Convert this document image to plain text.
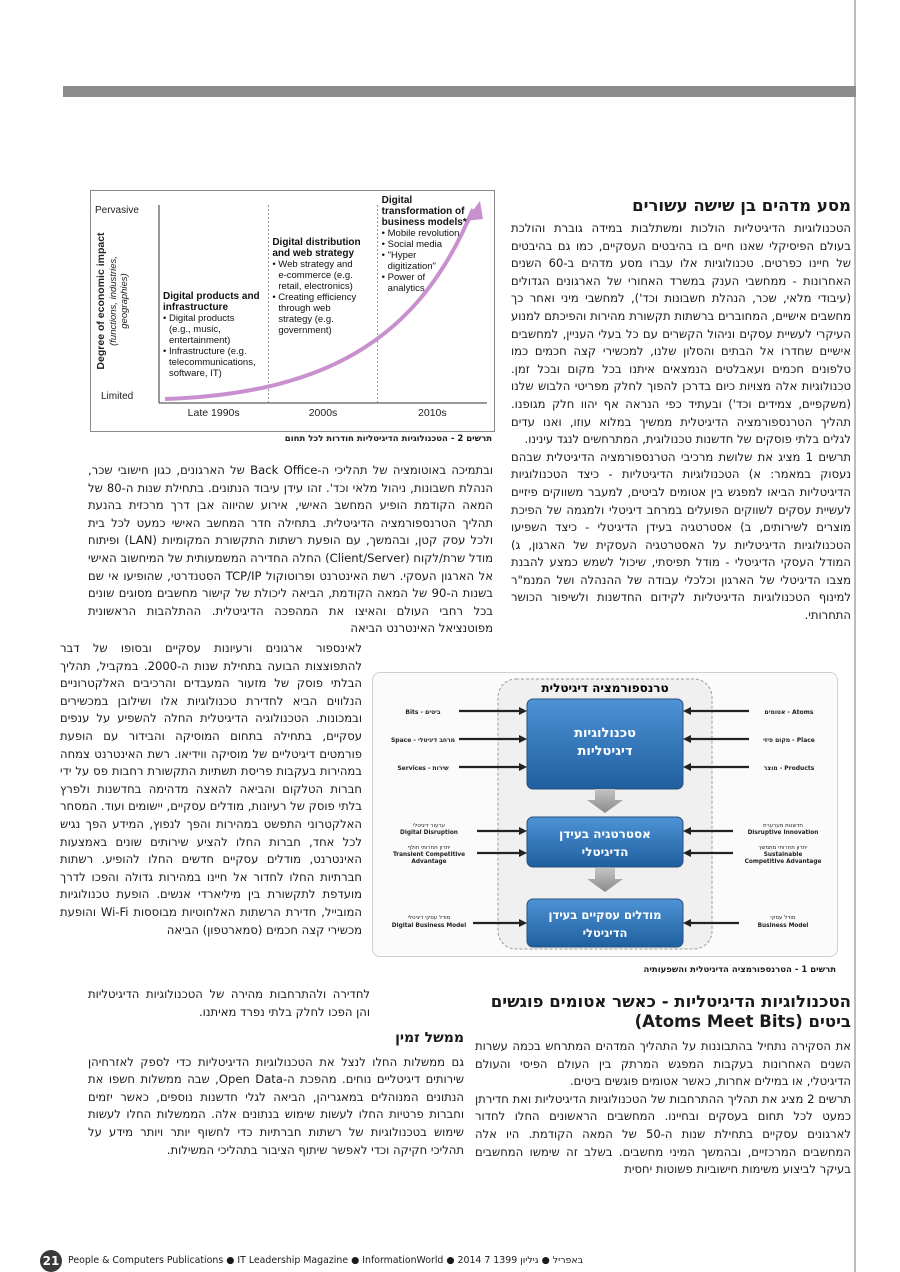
מסע מדהים בן שישה עשורים

הטכנולוגיות הדיגיטליות הולכות ומשתלבות במידה גוברת והולכת בעולם הפיסיקלי שאנו חיים בו בהיבטים העסקיים, כמו גם בהיבטים של חיינו כפרטים. טכנולוגיות אלו עברו מסע מדהים ב-60 השנים האחרונות - ממחשבי הענק במשרד האחורי של הארגונים הגדולים (עיבודי מלאי, שכר, הנהלת חשבונות וכד'), למחשבי מיני ואחר כך מחשבים אישיים, המחוברים ברשתות תקשורת מהירות והפיכתם למנוע העיקרי לעשיית עסקים וניהול הקשרים עם כל בעלי העניין, למחשבים אישיים שחדרו אל הבתים והסלון שלנו, למכשירי קצה חכמים כמו טלפונים חכמים ועאבלטים הנמצאים איתנו בכל מקום ובכל זמן. טכנולוגיות אלה מצויות כיום בדרכן להפוך לחלק מפריטי הלבוש שלנו (משקפיים, צמידים וכד') ובעתיד כפי הנראה אף יהוו חלק מגופנו. תהליך הטרנספורמציה הדיגיטלית ממשיך במלוא עוזו, ואנו עדים לגלים בלתי פוסקים של חדשנות טכנולוגית, המתרחשים לנגד עינינו.

תרשים 1 מציג את שלושת מרכיבי הטרנספורמציה הדיגיטלית שבהם נעסוק במאמר: א) הטכנולוגיות הדיגיטליות - כיצד הטכנולוגיות הדיגיטליות הביאו למפגש בין אטומים לביטים, למעבר משווקים פיזיים לעשיית עסקים לשווקים הפועלים במרחב דיגיטלי ולמגמה של הפיכת מוצרים לשירותים, ב) אסטרטגיה בעידן הדיגיטלי - כיצד השפיעו הטכנולוגיות הדיגיטליות על האסטרטגיה העסקית של הארגון, ג) המודל העסקי הדיגיטלי - מודל תפיסתי, שיכול לשמש כמצע להבנת מצבו הדיגיטלי של הארגון וכלכלי עבודה של ההנהלה ושל המנמ"ר למינוף הטכנולוגיות הדיגיטליות לקידום החדשנות ולשיפור הכושר התחרותי.

Pervasive
Limited
Degree of economic impact (functions, industries, geographies)
Late 1990s	2000s	2010s
Digital products and
infrastructure
• Digital products
(e.g., music,
entertainment)
• Infrastructure (e.g.
telecommunications,
software, IT)
Digital distribution
and web strategy
• Web strategy and
e-commerce (e.g.
retail, electronics)
• Creating efficiency
through web
strategy (e.g.
government)
Digital
transformation of
business models*
• Mobile revolution
• Social media
• "Hyper
digitization"
• Power of
analytics
תרשים 2 - הטכנולוגיות הדיגיטליות חודרות לכל תחום

ובתמיכה באוטומציה של תהליכי ה-Back Office של הארגונים, כגון חישובי שכר, הנהלת חשבונות, ניהול מלאי וכד'. זהו עידן עיבוד הנתונים. בתחילת שנות ה-80 של המאה הקודמת הופיע המחשב האישי, אירוע שהיווה אבן דרך מרכזית בהנעת תהליך הטרנספורמציה הדיגיטלית. בתחילה חדר המחשב האישי כמעט לכל בית ולכל עסק קטן, ובהמשך, עם הופעת רשתות התקשורת המקומיות (LAN) ופיתוח מודל שרת/לקוח (Client/Server) החלה החדירה המשמעותית של המיחשוב האישי אל הארגון העסקי. רשת האינטרנט ופרוטוקול TCP/IP הסטנדרטי, שהופיעו אי שם בשנות ה-90 של המאה הקודמת, הביאה ליכולת של קישור מחשבים מסוגים שונים בכל רחבי העולם והאיצו את המהפכה הדיגיטלית. ההתלהבות הראשונית מפוטנציאל האינטרנט הביאה

לאינספור ארגונים ורעיונות עסקיים ובסופו של דבר להתפוצצות הבועה בתחילת שנות ה-2000. במקביל, תהליך הבלתי פוסק של מזעור המעבדים והרכיבים האלקטרוניים הנלווים הביא לחדירת טכנולוגיות אלו ושילובן במכשירים ובמכונות. הטכנולוגיה הדיגיטלית החלה להשפיע על ענפים עסקיים, בתחילה בתחום המוסיקה והבידור עם הופעת פורמטים דיגיטליים של מוסיקה ווידיאו. רשת האינטרנט צמחה במהירות בעקבות פריסת תשתיות התקשורת רחבות פס על ידי חברות הטלקום והביאה להאצה מדהימה בחדשנות ולפרץ בלתי פוסק של רעיונות, מודלים עסקיים, יישומים ועוד. המסחר האלקטרוני התפשט במהירות והפך לנפוץ, המידע הפך נגיש לכל אחד, חברות החלו להציע שירותים שונים באמצעות האינטרנט, מודלים עסקיים חדשים החלו להופיע. רשתות חברתיות החלו לחדור אל חיינו במהירות גדולה והפכו לדרך מועדפת לתקשורת בין מיליארדי אנשים. הופעת טכנולוגיות המובייל, חדירת הרשתות האלחוטיות מבוססות Wi-Fi והופעת מכשירי קצה חכמים (סמארטפון) הביאה

טרנספורמציה דיגיטלית
טכנולוגיות
דיגיטליות
אסטרטגיה בעידן
הדיגיטלי
מודלים עסקיים בעידן
הדיגיטלי
Bits - ביטים
Space - מרחב דיגיטלי
Services - שירות
ערעור דיגיטלי
Digital Disruption
יתרון תחרותי חולף
Transient Competitive
Advantage
מודל עסקי דיגיטלי
Digital Business Model
אטומים - Atoms
מקום פיזי - Place
מוצר - Products
חדשנות מערערת
Disruptive Innovation
יתרון תחרותי מתמשך
Sustainable
Competitive Advantage
מודל עסקי
Business Model
תרשים 1 - הטרנספורמציה הדיגיטלית והשפעותיה

לחדירה ולהתרחבות מהירה של הטכנולוגיות הדיגיטליות והן הפכו לחלק בלתי נפרד מאיתנו.

ממשל זמין

גם ממשלות החלו לנצל את הטכנולוגיות הדיגיטליות כדי לספק לאזרחיהן שירותים דיגיטליים נוחים. מהפכת ה-Open Data, שבה ממשלות חשפו את הנתונים המנוהלים במאגריהן, הביאה לגלי חדשנות נוספים, כאשר יזמים וחברות פרטיות החלו לעשות שימוש בנתונים אלה. הממשלות החלו לעשות שימוש בטכנולוגיות של רשתות חברתיות כדי לחשוף יותר ויותר מידע על תהליכי חקיקה וכדי לאפשר שיתוף הציבור בתהליכי המשילות.

הטכנולוגיות הדיגיטליות - כאשר אטומים פוגשים
ביטים (Atoms Meet Bits)

את הסקירה נתחיל בהתבוננות על התהליך המדהים המתרחש בכמה עשרות השנים האחרונות בעקבות המפגש המרתק בין העולם הפיסי והעולם הדיגיטלי, או במילים אחרות, כאשר אטומים פוגשים ביטים.

תרשים 2 מציג את תהליך ההתרחבות של הטכנולוגיות הדיגיטליות ואת חדירתן כמעט לכל תחום בעסקים ובחיינו. המחשבים הראשונים החלו לחדור לארגונים עסקיים בתחילת שנות ה-50 של המאה הקודמת. היו אלה המחשבים המרכזיים, ובהמשך המיני מחשבים. בשלב זה שימשו המחשבים בעיקר לביצוע משימות חישוביות פשוטות יחסית

21 People & Computers Publications ● IT Leadership Magazine ● InformationWorld ● 2014 7 באפריל ● גיליון 1399
